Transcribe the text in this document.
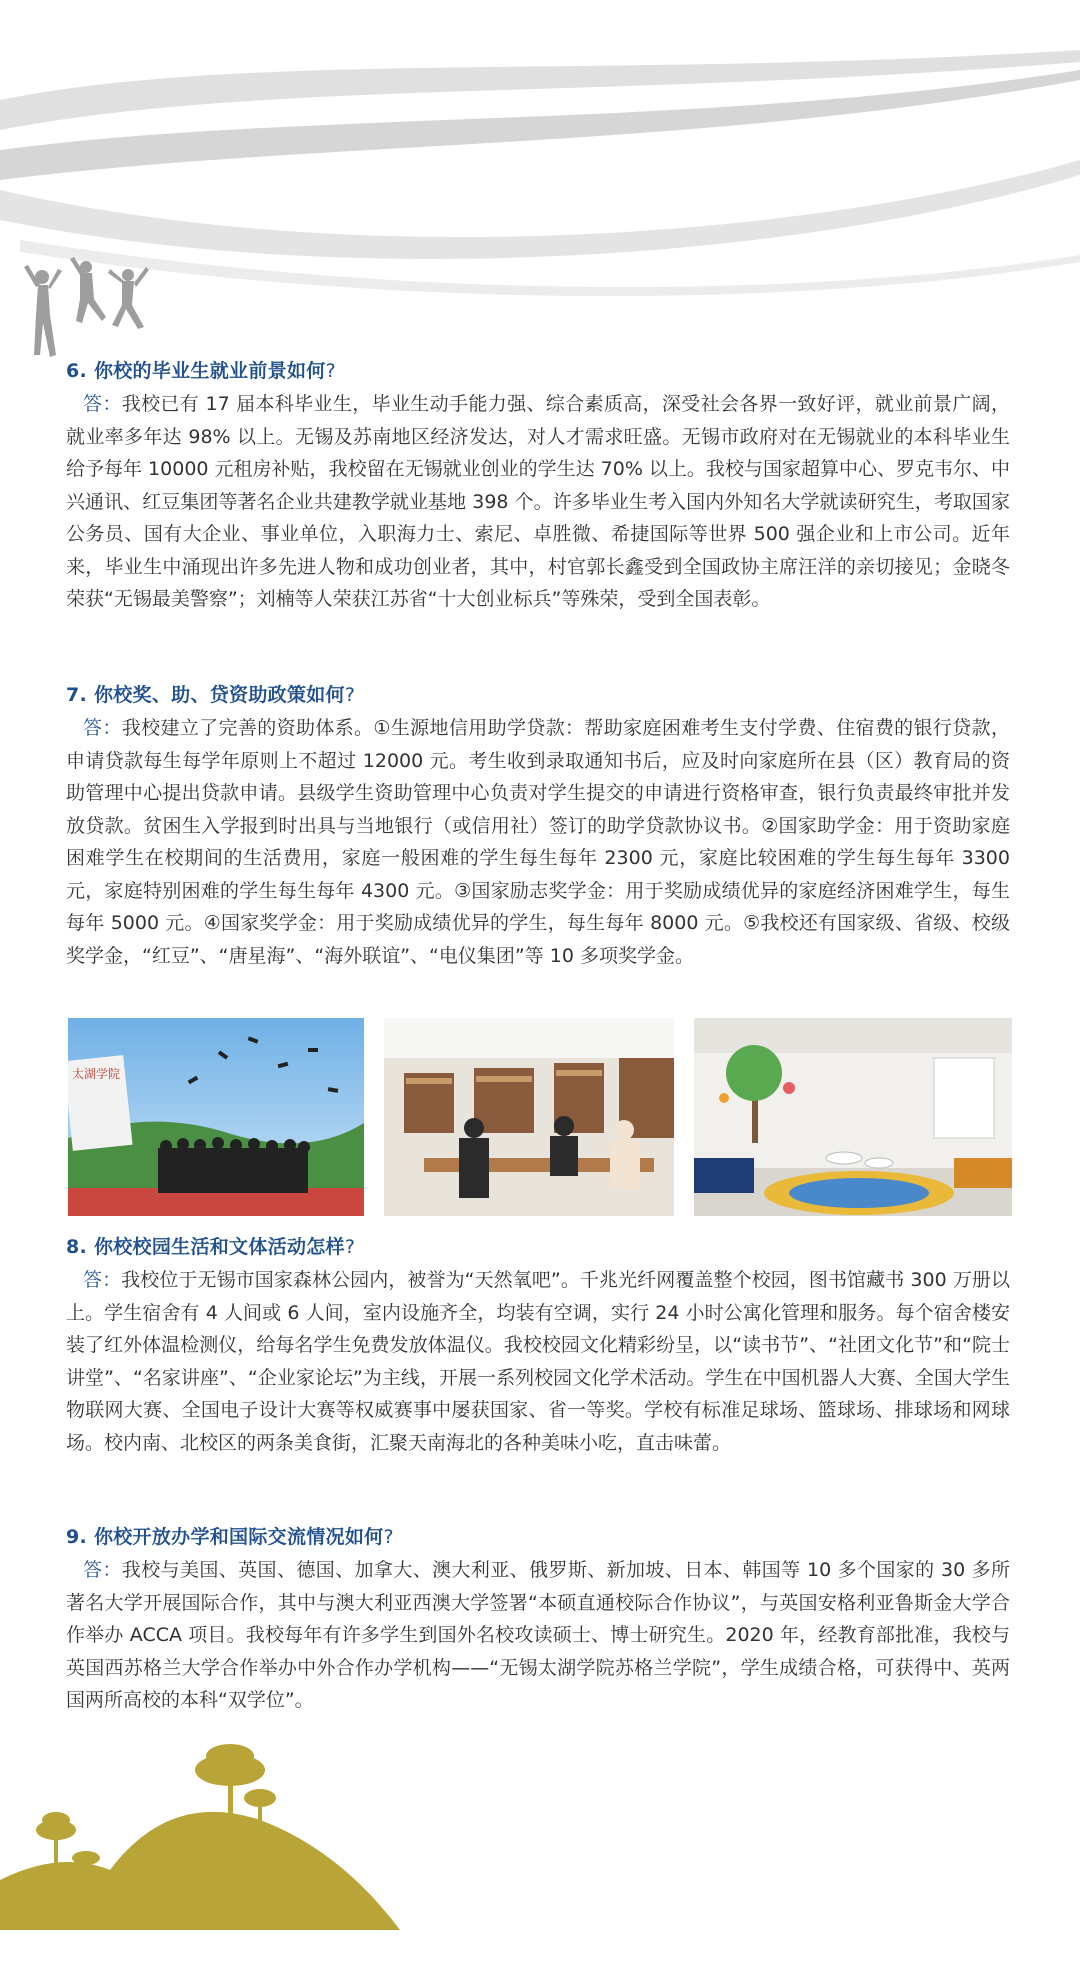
6. 你校的毕业生就业前景如何?

答：我校已有 17 届本科毕业生，毕业生动手能力强、综合素质高，深受社会各界一致好评，就业前景广阔，就业率多年达 98% 以上。无锡及苏南地区经济发达，对人才需求旺盛。无锡市政府对在无锡就业的本科毕业生给予每年 10000 元租房补贴，我校留在无锡就业创业的学生达 70% 以上。我校与国家超算中心、罗克韦尔、中兴通讯、红豆集团等著名企业共建教学就业基地 398 个。许多毕业生考入国内外知名大学就读研究生，考取国家公务员、国有大企业、事业单位，入职海力士、索尼、卓胜微、希捷国际等世界 500 强企业和上市公司。近年来，毕业生中涌现出许多先进人物和成功创业者，其中，村官郭长鑫受到全国政协主席汪洋的亲切接见；金晓冬荣获“无锡最美警察”；刘楠等人荣获江苏省“十大创业标兵”等殊荣，受到全国表彰。

7. 你校奖、助、贷资助政策如何?

答：我校建立了完善的资助体系。①生源地信用助学贷款：帮助家庭困难考生支付学费、住宿费的银行贷款，申请贷款每生每学年原则上不超过 12000 元。考生收到录取通知书后，应及时向家庭所在县（区）教育局的资助管理中心提出贷款申请。县级学生资助管理中心负责对学生提交的申请进行资格审查，银行负责最终审批并发放贷款。贫困生入学报到时出具与当地银行（或信用社）签订的助学贷款协议书。②国家助学金：用于资助家庭困难学生在校期间的生活费用，家庭一般困难的学生每生每年 2300 元，家庭比较困难的学生每生每年 3300 元，家庭特别困难的学生每生每年 4300 元。③国家励志奖学金：用于奖励成绩优异的家庭经济困难学生，每生每年 5000 元。④国家奖学金：用于奖励成绩优异的学生，每生每年 8000 元。⑤我校还有国家级、省级、校级奖学金，“红豆”、“唐星海”、“海外联谊”、“电仪集团”等 10 多项奖学金。

太湖学院

8. 你校校园生活和文体活动怎样?

答：我校位于无锡市国家森林公园内，被誉为“天然氧吧”。千兆光纤网覆盖整个校园，图书馆藏书 300 万册以上。学生宿舍有 4 人间或 6 人间，室内设施齐全，均装有空调，实行 24 小时公寓化管理和服务。每个宿舍楼安装了红外体温检测仪，给每名学生免费发放体温仪。我校校园文化精彩纷呈，以“读书节”、“社团文化节”和“院士讲堂”、“名家讲座”、“企业家论坛”为主线，开展一系列校园文化学术活动。学生在中国机器人大赛、全国大学生物联网大赛、全国电子设计大赛等权威赛事中屡获国家、省一等奖。学校有标准足球场、篮球场、排球场和网球场。校内南、北校区的两条美食街，汇聚天南海北的各种美味小吃，直击味蕾。

9. 你校开放办学和国际交流情况如何?

答：我校与美国、英国、德国、加拿大、澳大利亚、俄罗斯、新加坡、日本、韩国等 10 多个国家的 30 多所著名大学开展国际合作，其中与澳大利亚西澳大学签署“本硕直通校际合作协议”，与英国安格利亚鲁斯金大学合作举办 ACCA 项目。我校每年有许多学生到国外名校攻读硕士、博士研究生。2020 年，经教育部批准，我校与英国西苏格兰大学合作举办中外合作办学机构——“无锡太湖学院苏格兰学院”，学生成绩合格，可获得中、英两国两所高校的本科“双学位”。
